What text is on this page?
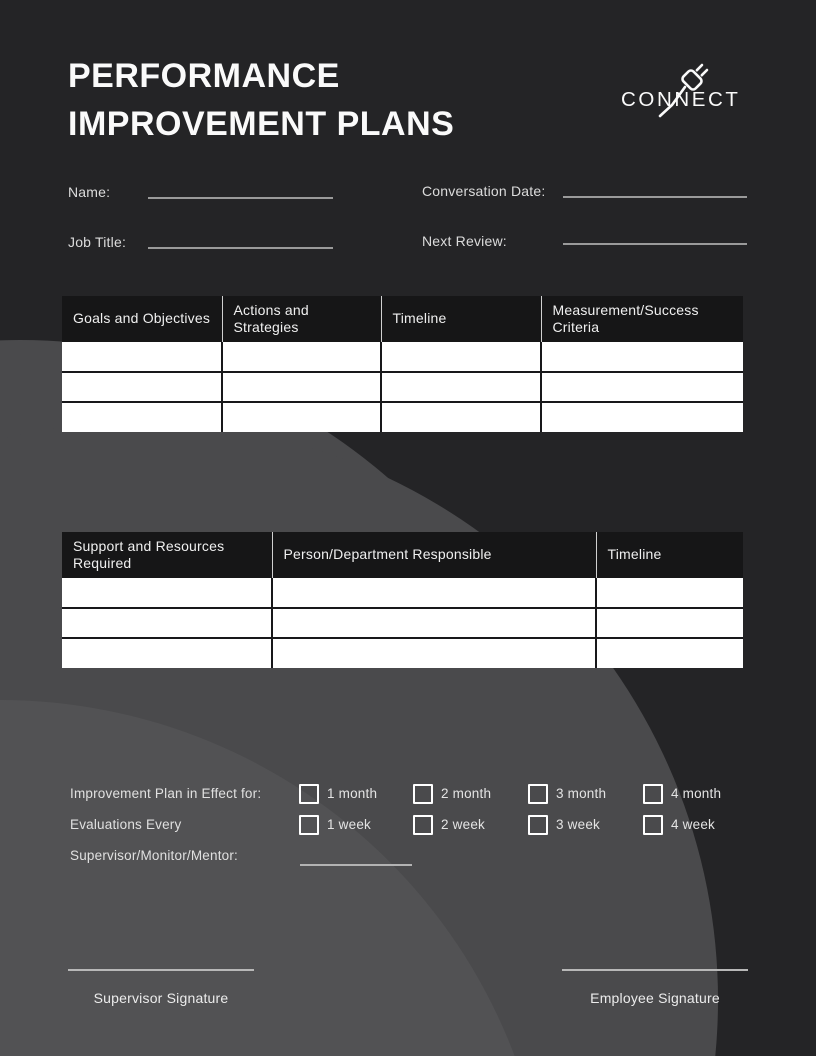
PERFORMANCE
IMPROVEMENT PLANS
CONNECT
Name:	Conversation Date:
Job Title:	Next Review:
Goals and Objectives	Actions and Strategies	Timeline	Measurement/Success Criteria

Support and Resources Required	Person/Department Responsible	Timeline

Improvement Plan in Effect for:	1 month	2 month	3 month	4 month
Evaluations Every	1 week	2 week	3 week	4 week
Supervisor/Monitor/Mentor:
Supervisor Signature	Employee Signature
